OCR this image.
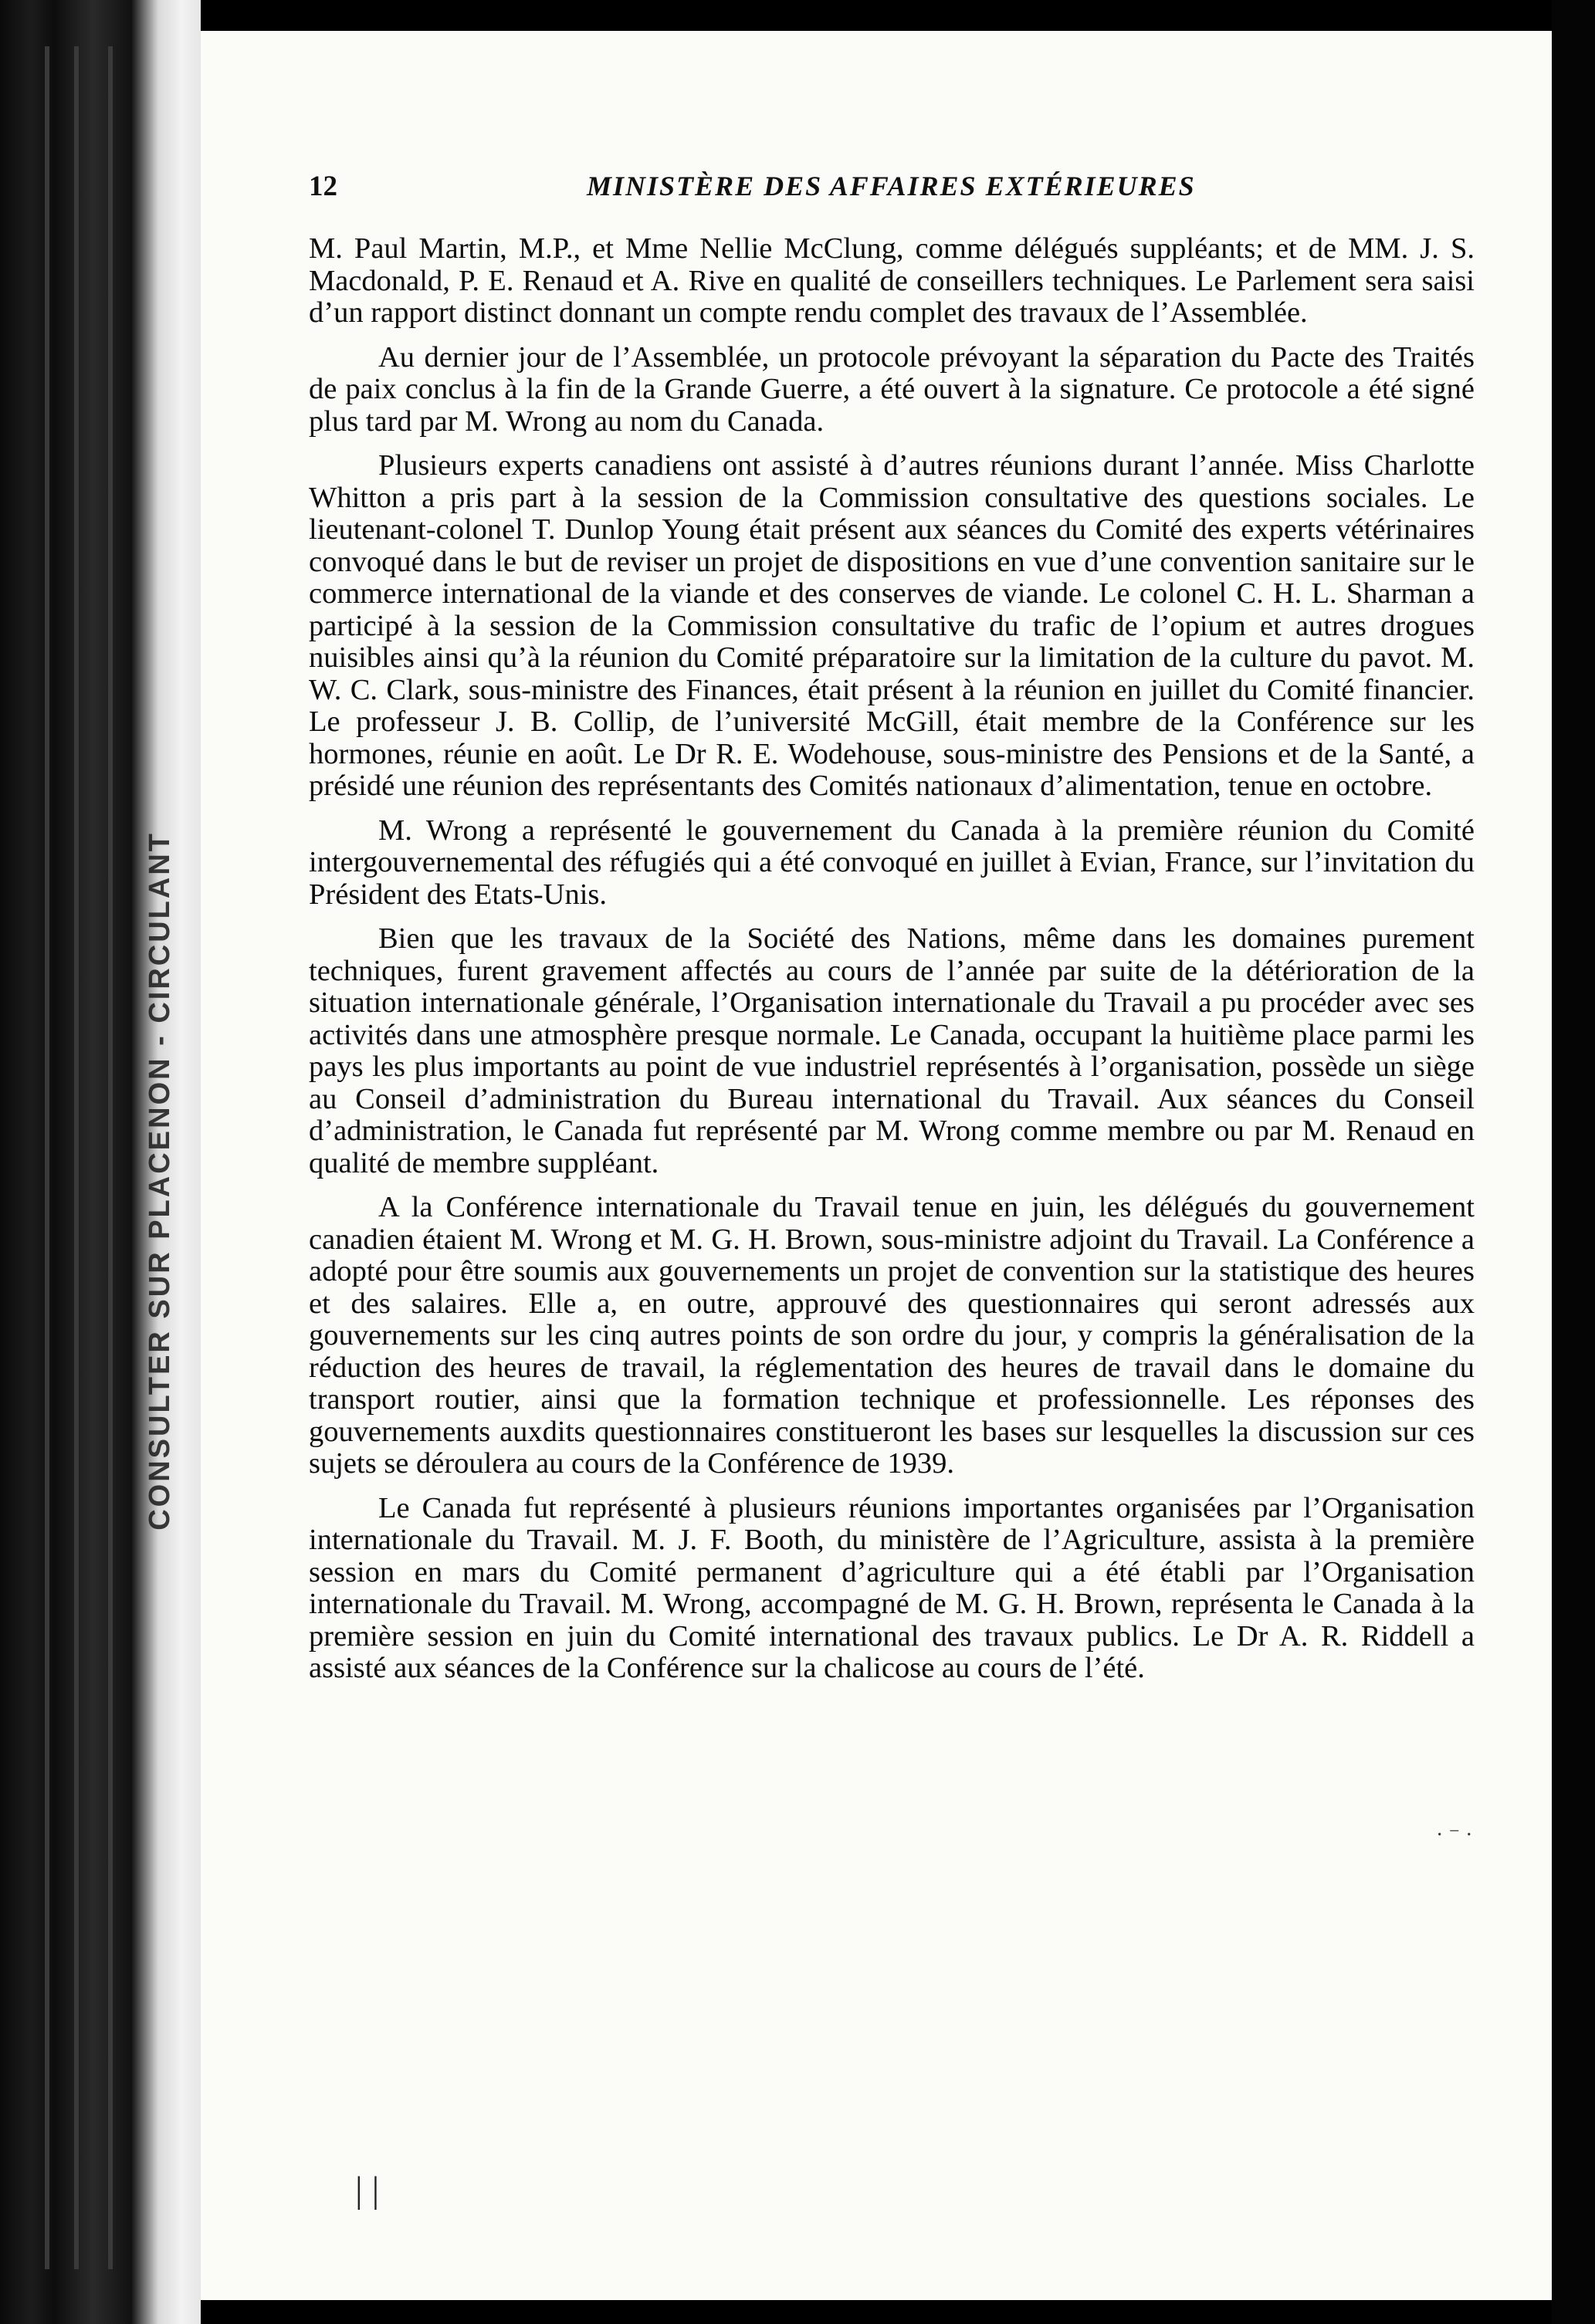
NON - CIRCULANT
CONSULTER SUR PLACE
12	MINISTÈRE DES AFFAIRES EXTÉRIEURES

M. Paul Martin, M.P., et Mme Nellie McClung, comme délégués suppléants; et de MM. J. S. Macdonald, P. E. Renaud et A. Rive en qualité de conseillers techniques. Le Parlement sera saisi d’un rapport distinct donnant un compte rendu complet des travaux de l’Assemblée.

Au dernier jour de l’Assemblée, un protocole prévoyant la séparation du Pacte des Traités de paix conclus à la fin de la Grande Guerre, a été ouvert à la signature. Ce protocole a été signé plus tard par M. Wrong au nom du Canada.

Plusieurs experts canadiens ont assisté à d’autres réunions durant l’année. Miss Charlotte Whitton a pris part à la session de la Commission consultative des questions sociales. Le lieutenant-colonel T. Dunlop Young était présent aux séances du Comité des experts vétérinaires convoqué dans le but de reviser un projet de dispositions en vue d’une convention sanitaire sur le commerce international de la viande et des conserves de viande. Le colonel C. H. L. Sharman a participé à la session de la Commission consultative du trafic de l’opium et autres drogues nuisibles ainsi qu’à la réunion du Comité préparatoire sur la limitation de la culture du pavot. M. W. C. Clark, sous-ministre des Finances, était présent à la réunion en juillet du Comité financier. Le professeur J. B. Collip, de l’université McGill, était membre de la Conférence sur les hormones, réunie en août. Le Dr R. E. Wodehouse, sous-ministre des Pensions et de la Santé, a présidé une réunion des représentants des Comités nationaux d’alimentation, tenue en octobre.

M. Wrong a représenté le gouvernement du Canada à la première réunion du Comité intergouvernemental des réfugiés qui a été convoqué en juillet à Evian, France, sur l’invitation du Président des Etats-Unis.

Bien que les travaux de la Société des Nations, même dans les domaines purement techniques, furent gravement affectés au cours de l’année par suite de la détérioration de la situation internationale générale, l’Organisation internationale du Travail a pu procéder avec ses activités dans une atmosphère presque normale. Le Canada, occupant la huitième place parmi les pays les plus importants au point de vue industriel représentés à l’organisation, possède un siège au Conseil d’administration du Bureau international du Travail. Aux séances du Conseil d’administration, le Canada fut représenté par M. Wrong comme membre ou par M. Renaud en qualité de membre suppléant.

A la Conférence internationale du Travail tenue en juin, les délégués du gouvernement canadien étaient M. Wrong et M. G. H. Brown, sous-ministre adjoint du Travail. La Conférence a adopté pour être soumis aux gouvernements un projet de convention sur la statistique des heures et des salaires. Elle a, en outre, approuvé des questionnaires qui seront adressés aux gouvernements sur les cinq autres points de son ordre du jour, y compris la généralisation de la réduction des heures de travail, la réglementation des heures de travail dans le domaine du transport routier, ainsi que la formation technique et professionnelle. Les réponses des gouvernements auxdits questionnaires constitueront les bases sur lesquelles la discussion sur ces sujets se déroulera au cours de la Conférence de 1939.

Le Canada fut représenté à plusieurs réunions importantes organisées par l’Organisation internationale du Travail. M. J. F. Booth, du ministère de l’Agriculture, assista à la première session en mars du Comité permanent d’agriculture qui a été établi par l’Organisation internationale du Travail. M. Wrong, accompagné de M. G. H. Brown, représenta le Canada à la première session en juin du Comité international des travaux publics. Le Dr A. R. Riddell a assisté aux séances de la Conférence sur la chalicose au cours de l’été.

· ⁻ ·
| |
